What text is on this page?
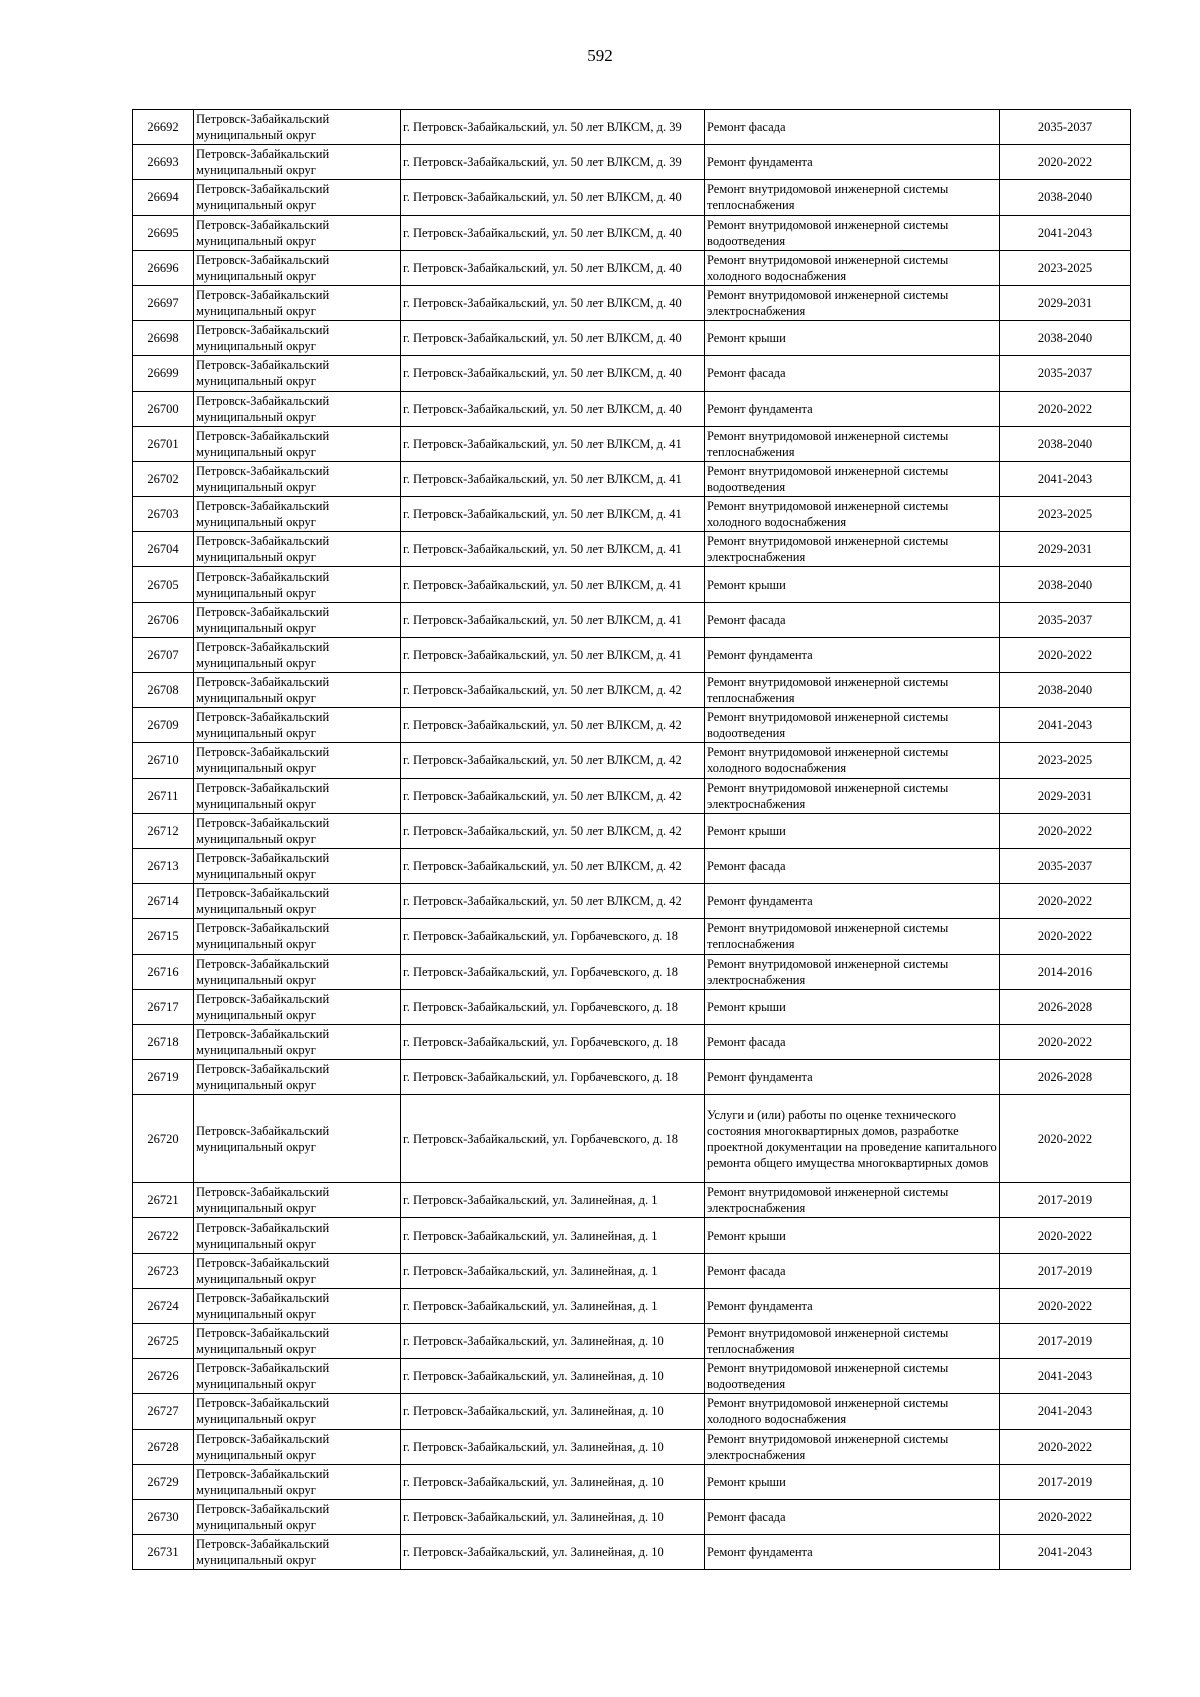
592
26692	Петровск-Забайкальский муниципальный округ	г. Петровск-Забайкальский, ул. 50 лет ВЛКСМ, д. 39	Ремонт фасада	2035-2037
26693	Петровск-Забайкальский муниципальный округ	г. Петровск-Забайкальский, ул. 50 лет ВЛКСМ, д. 39	Ремонт фундамента	2020-2022
26694	Петровск-Забайкальский муниципальный округ	г. Петровск-Забайкальский, ул. 50 лет ВЛКСМ, д. 40	Ремонт внутридомовой инженерной системы теплоснабжения	2038-2040
26695	Петровск-Забайкальский муниципальный округ	г. Петровск-Забайкальский, ул. 50 лет ВЛКСМ, д. 40	Ремонт внутридомовой инженерной системы водоотведения	2041-2043
26696	Петровск-Забайкальский муниципальный округ	г. Петровск-Забайкальский, ул. 50 лет ВЛКСМ, д. 40	Ремонт внутридомовой инженерной системы холодного водоснабжения	2023-2025
26697	Петровск-Забайкальский муниципальный округ	г. Петровск-Забайкальский, ул. 50 лет ВЛКСМ, д. 40	Ремонт внутридомовой инженерной системы электроснабжения	2029-2031
26698	Петровск-Забайкальский муниципальный округ	г. Петровск-Забайкальский, ул. 50 лет ВЛКСМ, д. 40	Ремонт крыши	2038-2040
26699	Петровск-Забайкальский муниципальный округ	г. Петровск-Забайкальский, ул. 50 лет ВЛКСМ, д. 40	Ремонт фасада	2035-2037
26700	Петровск-Забайкальский муниципальный округ	г. Петровск-Забайкальский, ул. 50 лет ВЛКСМ, д. 40	Ремонт фундамента	2020-2022
26701	Петровск-Забайкальский муниципальный округ	г. Петровск-Забайкальский, ул. 50 лет ВЛКСМ, д. 41	Ремонт внутридомовой инженерной системы теплоснабжения	2038-2040
26702	Петровск-Забайкальский муниципальный округ	г. Петровск-Забайкальский, ул. 50 лет ВЛКСМ, д. 41	Ремонт внутридомовой инженерной системы водоотведения	2041-2043
26703	Петровск-Забайкальский муниципальный округ	г. Петровск-Забайкальский, ул. 50 лет ВЛКСМ, д. 41	Ремонт внутридомовой инженерной системы холодного водоснабжения	2023-2025
26704	Петровск-Забайкальский муниципальный округ	г. Петровск-Забайкальский, ул. 50 лет ВЛКСМ, д. 41	Ремонт внутридомовой инженерной системы электроснабжения	2029-2031
26705	Петровск-Забайкальский муниципальный округ	г. Петровск-Забайкальский, ул. 50 лет ВЛКСМ, д. 41	Ремонт крыши	2038-2040
26706	Петровск-Забайкальский муниципальный округ	г. Петровск-Забайкальский, ул. 50 лет ВЛКСМ, д. 41	Ремонт фасада	2035-2037
26707	Петровск-Забайкальский муниципальный округ	г. Петровск-Забайкальский, ул. 50 лет ВЛКСМ, д. 41	Ремонт фундамента	2020-2022
26708	Петровск-Забайкальский муниципальный округ	г. Петровск-Забайкальский, ул. 50 лет ВЛКСМ, д. 42	Ремонт внутридомовой инженерной системы теплоснабжения	2038-2040
26709	Петровск-Забайкальский муниципальный округ	г. Петровск-Забайкальский, ул. 50 лет ВЛКСМ, д. 42	Ремонт внутридомовой инженерной системы водоотведения	2041-2043
26710	Петровск-Забайкальский муниципальный округ	г. Петровск-Забайкальский, ул. 50 лет ВЛКСМ, д. 42	Ремонт внутридомовой инженерной системы холодного водоснабжения	2023-2025
26711	Петровск-Забайкальский муниципальный округ	г. Петровск-Забайкальский, ул. 50 лет ВЛКСМ, д. 42	Ремонт внутридомовой инженерной системы электроснабжения	2029-2031
26712	Петровск-Забайкальский муниципальный округ	г. Петровск-Забайкальский, ул. 50 лет ВЛКСМ, д. 42	Ремонт крыши	2020-2022
26713	Петровск-Забайкальский муниципальный округ	г. Петровск-Забайкальский, ул. 50 лет ВЛКСМ, д. 42	Ремонт фасада	2035-2037
26714	Петровск-Забайкальский муниципальный округ	г. Петровск-Забайкальский, ул. 50 лет ВЛКСМ, д. 42	Ремонт фундамента	2020-2022
26715	Петровск-Забайкальский муниципальный округ	г. Петровск-Забайкальский, ул. Горбачевского, д. 18	Ремонт внутридомовой инженерной системы теплоснабжения	2020-2022
26716	Петровск-Забайкальский муниципальный округ	г. Петровск-Забайкальский, ул. Горбачевского, д. 18	Ремонт внутридомовой инженерной системы электроснабжения	2014-2016
26717	Петровск-Забайкальский муниципальный округ	г. Петровск-Забайкальский, ул. Горбачевского, д. 18	Ремонт крыши	2026-2028
26718	Петровск-Забайкальский муниципальный округ	г. Петровск-Забайкальский, ул. Горбачевского, д. 18	Ремонт фасада	2020-2022
26719	Петровск-Забайкальский муниципальный округ	г. Петровск-Забайкальский, ул. Горбачевского, д. 18	Ремонт фундамента	2026-2028
26720	Петровск-Забайкальский муниципальный округ	г. Петровск-Забайкальский, ул. Горбачевского, д. 18	Услуги и (или) работы по оценке технического состояния многоквартирных домов, разработке проектной документации на проведение капитального ремонта общего имущества многоквартирных домов	2020-2022
26721	Петровск-Забайкальский муниципальный округ	г. Петровск-Забайкальский, ул. Залинейная, д. 1	Ремонт внутридомовой инженерной системы электроснабжения	2017-2019
26722	Петровск-Забайкальский муниципальный округ	г. Петровск-Забайкальский, ул. Залинейная, д. 1	Ремонт крыши	2020-2022
26723	Петровск-Забайкальский муниципальный округ	г. Петровск-Забайкальский, ул. Залинейная, д. 1	Ремонт фасада	2017-2019
26724	Петровск-Забайкальский муниципальный округ	г. Петровск-Забайкальский, ул. Залинейная, д. 1	Ремонт фундамента	2020-2022
26725	Петровск-Забайкальский муниципальный округ	г. Петровск-Забайкальский, ул. Залинейная, д. 10	Ремонт внутридомовой инженерной системы теплоснабжения	2017-2019
26726	Петровск-Забайкальский муниципальный округ	г. Петровск-Забайкальский, ул. Залинейная, д. 10	Ремонт внутридомовой инженерной системы водоотведения	2041-2043
26727	Петровск-Забайкальский муниципальный округ	г. Петровск-Забайкальский, ул. Залинейная, д. 10	Ремонт внутридомовой инженерной системы холодного водоснабжения	2041-2043
26728	Петровск-Забайкальский муниципальный округ	г. Петровск-Забайкальский, ул. Залинейная, д. 10	Ремонт внутридомовой инженерной системы электроснабжения	2020-2022
26729	Петровск-Забайкальский муниципальный округ	г. Петровск-Забайкальский, ул. Залинейная, д. 10	Ремонт крыши	2017-2019
26730	Петровск-Забайкальский муниципальный округ	г. Петровск-Забайкальский, ул. Залинейная, д. 10	Ремонт фасада	2020-2022
26731	Петровск-Забайкальский муниципальный округ	г. Петровск-Забайкальский, ул. Залинейная, д. 10	Ремонт фундамента	2041-2043
